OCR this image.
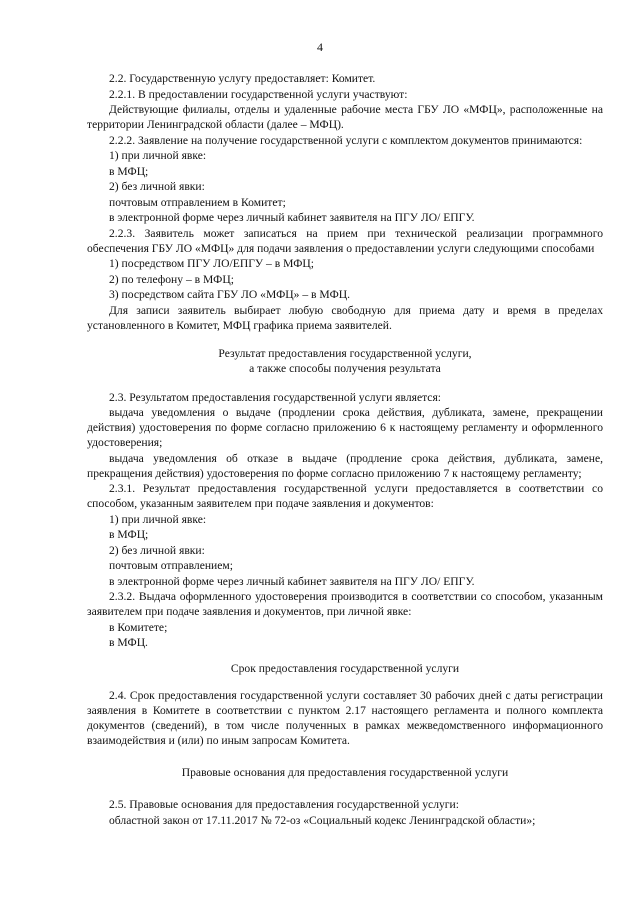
4

2.2. Государственную услугу предоставляет: Комитет.

2.2.1. В предоставлении государственной услуги участвуют:

Действующие филиалы, отделы и удаленные рабочие места ГБУ ЛО «МФЦ», расположенные на территории Ленинградской области (далее – МФЦ).

2.2.2. Заявление на получение государственной услуги с комплектом документов принимаются:

1) при личной явке:

в МФЦ;

2) без личной явки:

почтовым отправлением в Комитет;

в электронной форме через личный кабинет заявителя на ПГУ ЛО/ ЕПГУ.

2.2.3. Заявитель может записаться на прием при технической реализации программного обеспечения ГБУ ЛО «МФЦ» для подачи заявления о предоставлении услуги следующими способами

1) посредством ПГУ ЛО/ЕПГУ – в МФЦ;

2) по телефону – в МФЦ;

3) посредством сайта ГБУ ЛО «МФЦ» – в МФЦ.

Для записи заявитель выбирает любую свободную для приема дату и время в пределах установленного в Комитет, МФЦ графика приема заявителей.

Результат предоставления государственной услуги,
а также способы получения результата

2.3. Результатом предоставления государственной услуги является:

выдача уведомления о выдаче (продлении срока действия, дубликата, замене, прекращении действия) удостоверения по форме согласно приложению 6 к настоящему регламенту и оформленного удостоверения;

выдача уведомления об отказе в выдаче (продление срока действия, дубликата, замене, прекращения действия) удостоверения по форме согласно приложению 7 к настоящему регламенту;

2.3.1. Результат предоставления государственной услуги предоставляется в соответствии со способом, указанным заявителем при подаче заявления и документов:

1) при личной явке:

в МФЦ;

2) без личной явки:

почтовым отправлением;

в электронной форме через личный кабинет заявителя на ПГУ ЛО/ ЕПГУ.

2.3.2. Выдача оформленного удостоверения производится в соответствии со способом, указанным заявителем при подаче заявления и документов, при личной явке:

в Комитете;

в МФЦ.

Срок предоставления государственной услуги

2.4. Срок предоставления государственной услуги составляет 30 рабочих дней с даты регистрации заявления в Комитете в соответствии с пунктом 2.17 настоящего регламента и полного комплекта документов (сведений), в том числе полученных в рамках межведомственного информационного взаимодействия и (или) по иным запросам Комитета.

Правовые основания для предоставления государственной услуги

2.5. Правовые основания для предоставления государственной услуги:

областной закон от 17.11.2017 № 72-оз «Социальный кодекс Ленинградской области»;
